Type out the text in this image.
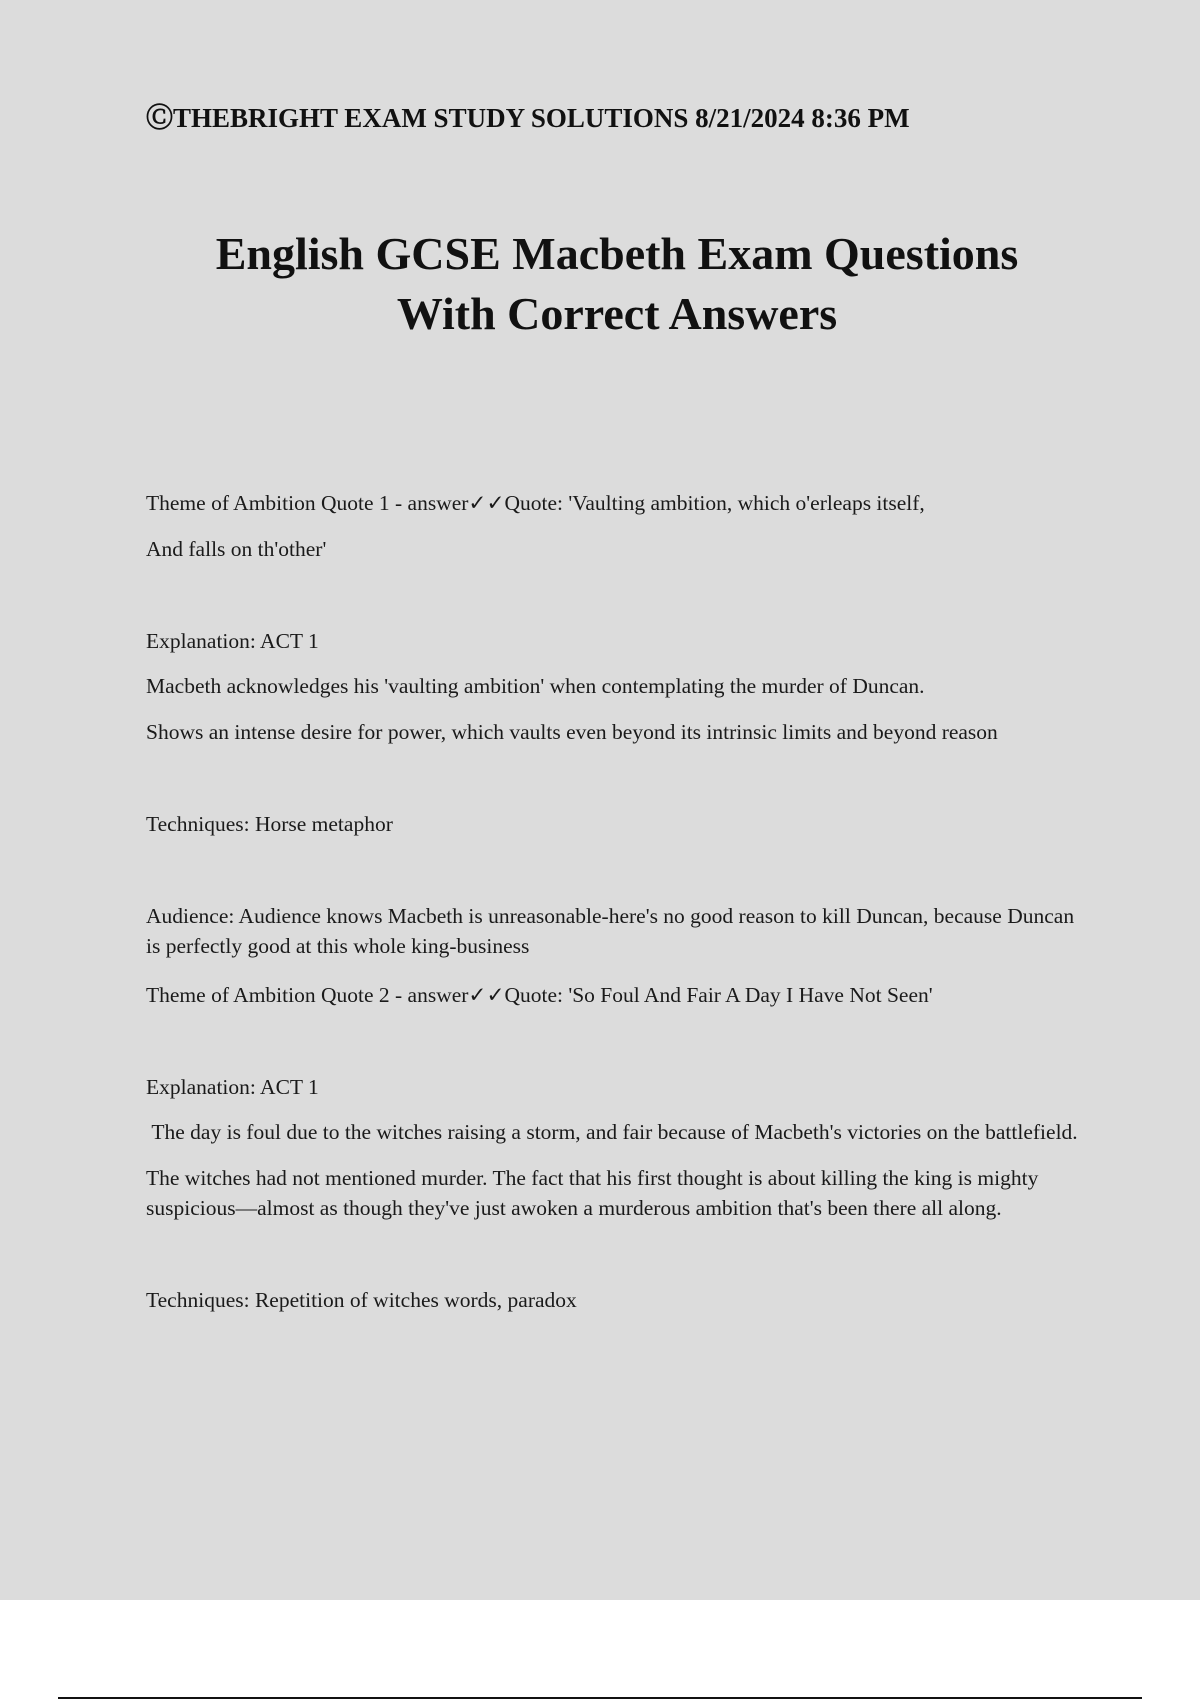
ⒸTHEBRIGHT EXAM STUDY SOLUTIONS 8/21/2024 8:36 PM
English GCSE Macbeth Exam Questions
With Correct Answers

Theme of Ambition Quote 1 - answer✓✓Quote: 'Vaulting ambition, which o'erleaps itself,

And falls on th'other'

Explanation: ACT 1

Macbeth acknowledges his 'vaulting ambition' when contemplating the murder of Duncan.

Shows an intense desire for power, which vaults even beyond its intrinsic limits and beyond reason

Techniques: Horse metaphor

Audience: Audience knows Macbeth is unreasonable-here's no good reason to kill Duncan, because Duncan is perfectly good at this whole king-business

Theme of Ambition Quote 2 - answer✓✓Quote: 'So Foul And Fair A Day I Have Not Seen'

Explanation: ACT 1

The day is foul due to the witches raising a storm, and fair because of Macbeth's victories on the battlefield.

The witches had not mentioned murder. The fact that his first thought is about killing the king is mighty suspicious—almost as though they've just awoken a murderous ambition that's been there all along.

Techniques: Repetition of witches words, paradox
